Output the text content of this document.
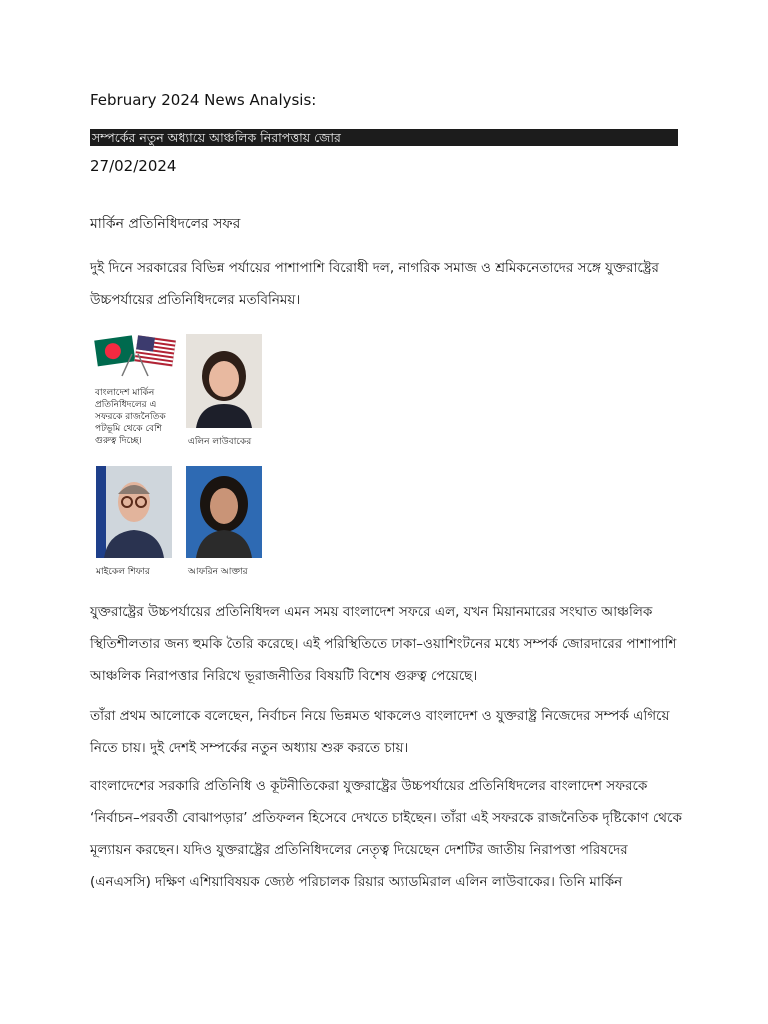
February 2024 News Analysis:
সম্পর্কের নতুন অধ্যায়ে আঞ্চলিক নিরাপত্তায় জোর
27/02/2024
মার্কিন প্রতিনিধিদলের সফর
দুই দিনে সরকারের বিভিন্ন পর্যায়ের পাশাপাশি বিরোধী দল, নাগরিক সমাজ ও শ্রমিকনেতাদের সঙ্গে যুক্তরাষ্ট্রের উচ্চপর্যায়ের প্রতিনিধিদলের মতবিনিময়।
বাংলাদেশ মার্কিন প্রতিনিধিদলের এ সফরকে রাজনৈতিক পটভূমি থেকে বেশি গুরুত্ব দিচ্ছে।	এলিন লাউবাকের
মাইকেল শিফার	আফরিন আক্তার
যুক্তরাষ্ট্রের উচ্চপর্যায়ের প্রতিনিধিদল এমন সময় বাংলাদেশ সফরে এল, যখন মিয়ানমারের সংঘাত আঞ্চলিক স্থিতিশীলতার জন্য হুমকি তৈরি করেছে। এই পরিস্থিতিতে ঢাকা–ওয়াশিংটনের মধ্যে সম্পর্ক জোরদারের পাশাপাশি আঞ্চলিক নিরাপত্তার নিরিখে ভূরাজনীতির বিষয়টি বিশেষ গুরুত্ব পেয়েছে।
তাঁরা প্রথম আলোকে বলেছেন, নির্বাচন নিয়ে ভিন্নমত থাকলেও বাংলাদেশ ও যুক্তরাষ্ট্র নিজেদের সম্পর্ক এগিয়ে নিতে চায়। দুই দেশই সম্পর্কের নতুন অধ্যায় শুরু করতে চায়।
বাংলাদেশের সরকারি প্রতিনিধি ও কূটনীতিকেরা যুক্তরাষ্ট্রের উচ্চপর্যায়ের প্রতিনিধিদলের বাংলাদেশ সফরকে ‘নির্বাচন–পরবর্তী বোঝাপড়ার’ প্রতিফলন হিসেবে দেখতে চাইছেন। তাঁরা এই সফরকে রাজনৈতিক দৃষ্টিকোণ থেকে মূল্যায়ন করছেন। যদিও যুক্তরাষ্ট্রের প্রতিনিধিদলের নেতৃত্ব দিয়েছেন দেশটির জাতীয় নিরাপত্তা পরিষদের (এনএসসি) দক্ষিণ এশিয়াবিষয়ক জ্যেষ্ঠ পরিচালক রিয়ার অ্যাডমিরাল এলিন লাউবাকের। তিনি মার্কিন
